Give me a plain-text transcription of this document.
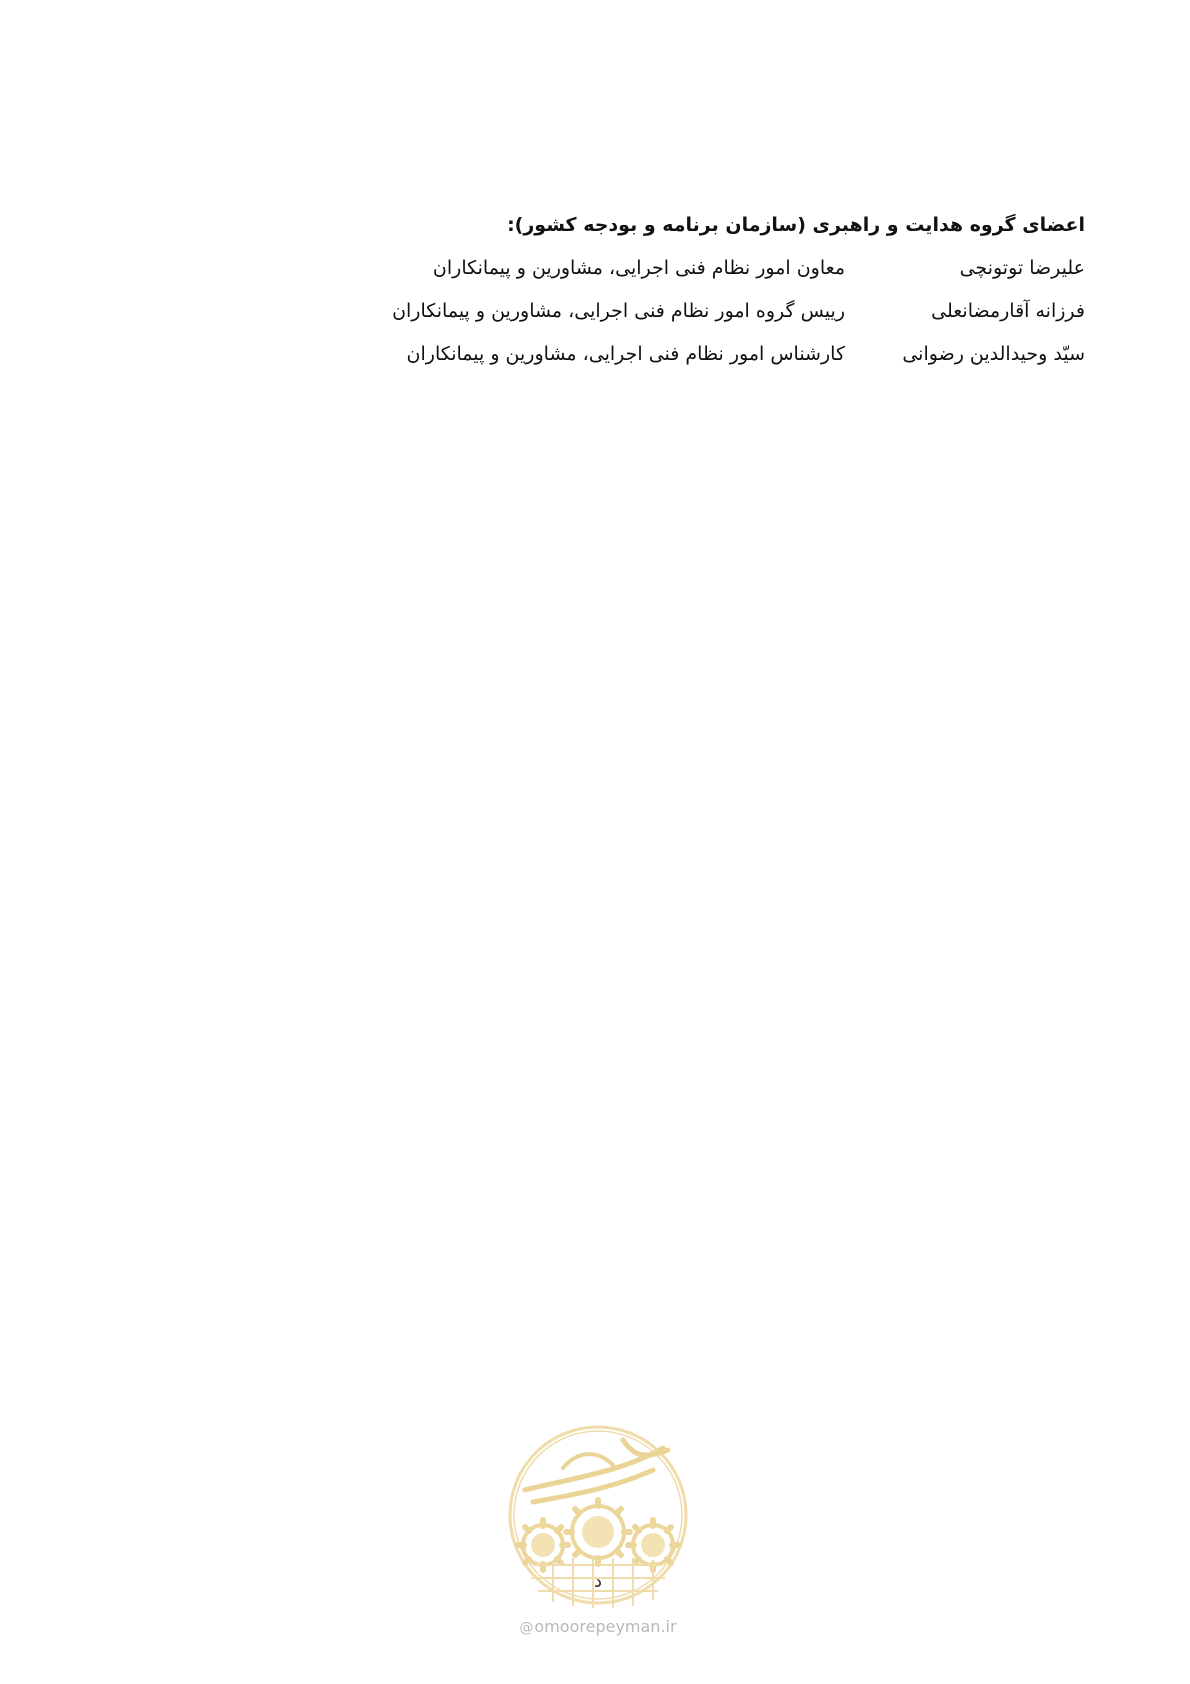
اعضای گروه هدایت و راهبری (سازمان برنامه و بودجه کشور):
علیرضا توتونچی
معاون امور نظام فنی اجرایی، مشاورین و پیمانکاران
فرزانه آقارمضانعلی
رییس گروه امور نظام فنی اجرایی، مشاورین و پیمانکاران
سیّد وحیدالدین رضوانی
کارشناس امور نظام فنی اجرایی، مشاورین و پیمانکاران
د
@omoorepeyman.ir
